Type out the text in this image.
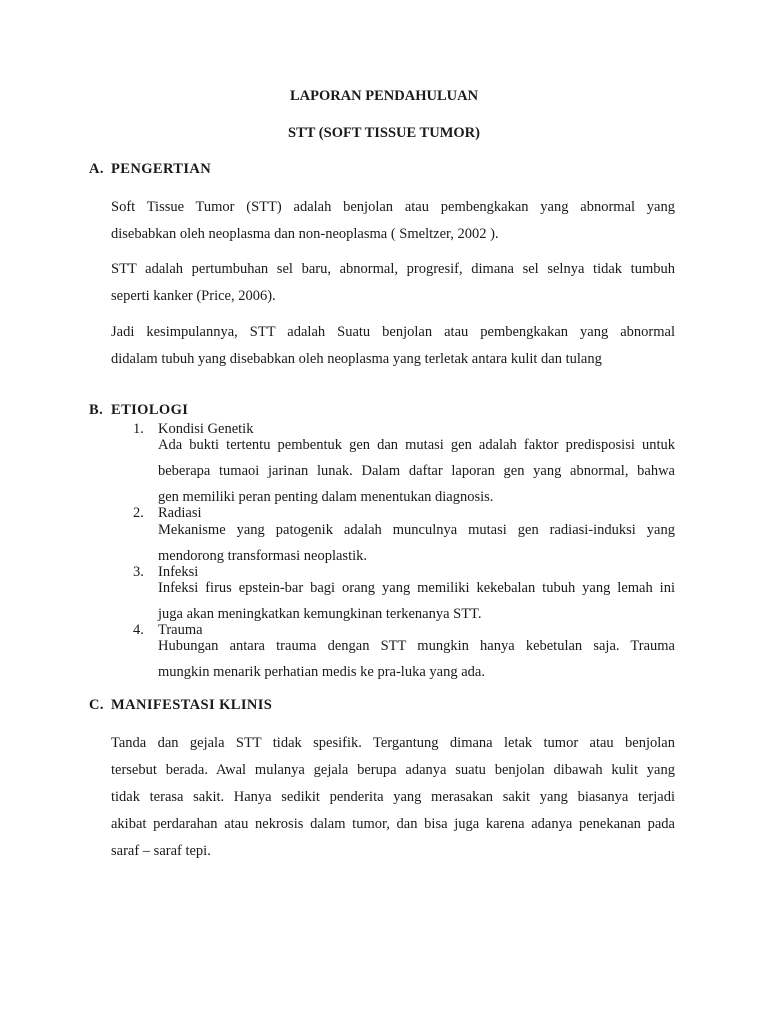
LAPORAN PENDAHULUAN
STT (SOFT TISSUE TUMOR)
A. PENGERTIAN
Soft Tissue Tumor (STT) adalah benjolan atau pembengkakan yang abnormal yang
disebabkan oleh neoplasma dan non-neoplasma ( Smeltzer, 2002 ).
STT adalah pertumbuhan sel baru, abnormal, progresif, dimana sel selnya tidak tumbuh
seperti kanker (Price, 2006).
Jadi kesimpulannya, STT adalah Suatu benjolan atau pembengkakan yang abnormal
didalam tubuh yang disebabkan oleh neoplasma yang terletak antara kulit dan tulang
B. ETIOLOGI
1. Kondisi Genetik
Ada bukti tertentu pembentuk gen dan mutasi gen adalah faktor predisposisi untuk
beberapa tumaoi jarinan lunak. Dalam daftar laporan gen yang abnormal, bahwa
gen memiliki peran penting dalam menentukan diagnosis.
2. Radiasi
Mekanisme yang patogenik adalah munculnya mutasi gen radiasi-induksi yang
mendorong transformasi neoplastik.
3. Infeksi
Infeksi firus epstein-bar bagi orang yang memiliki kekebalan tubuh yang lemah ini
juga akan meningkatkan kemungkinan terkenanya STT.
4. Trauma
Hubungan antara trauma dengan STT mungkin hanya kebetulan saja. Trauma
mungkin menarik perhatian medis ke pra-luka yang ada.
C. MANIFESTASI KLINIS
Tanda dan gejala STT tidak spesifik. Tergantung dimana letak tumor atau benjolan
tersebut berada. Awal mulanya gejala berupa adanya suatu benjolan dibawah kulit yang
tidak terasa sakit. Hanya sedikit penderita yang merasakan sakit yang biasanya terjadi
akibat perdarahan atau nekrosis dalam tumor, dan bisa juga karena adanya penekanan pada
saraf – saraf tepi.
